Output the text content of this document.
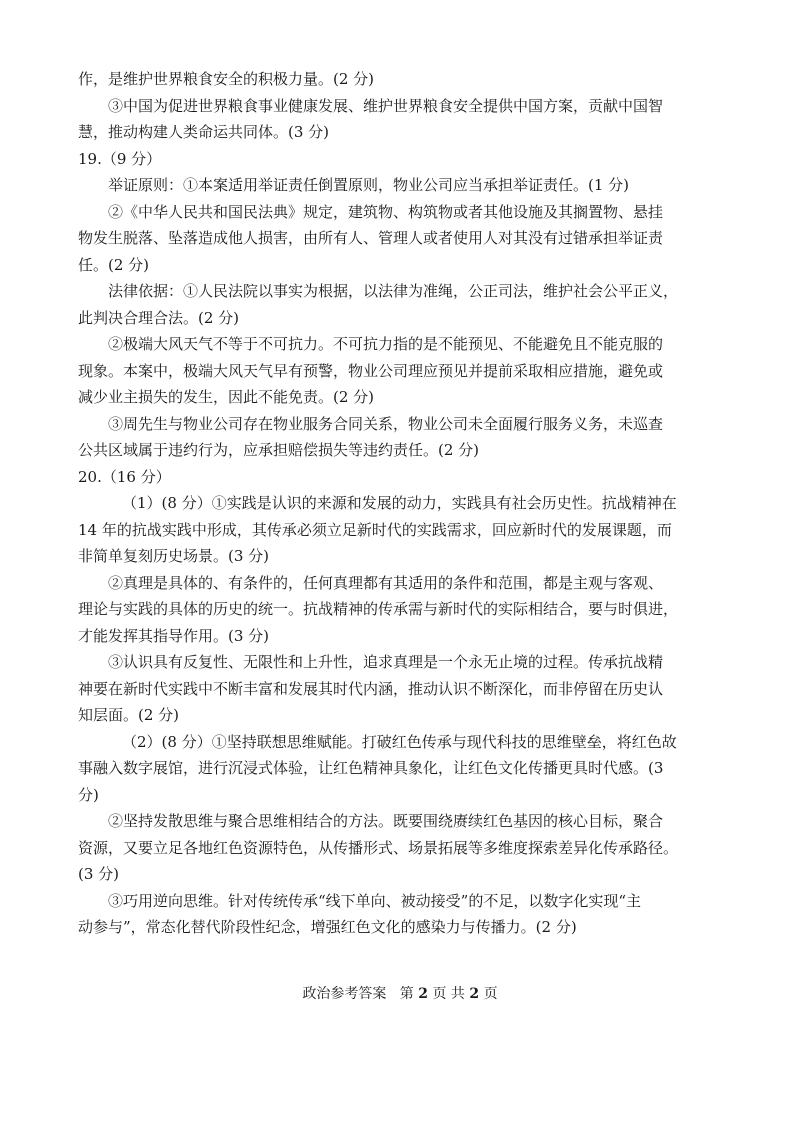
作，是维护世界粮食安全的积极力量。(2 分)
③中国为促进世界粮食事业健康发展、维护世界粮食安全提供中国方案，贡献中国智
慧，推动构建人类命运共同体。(3 分)
19.（9 分）
举证原则：①本案适用举证责任倒置原则，物业公司应当承担举证责任。(1 分)
②《中华人民共和国民法典》规定，建筑物、构筑物或者其他设施及其搁置物、悬挂
物发生脱落、坠落造成他人损害，由所有人、管理人或者使用人对其没有过错承担举证责
任。(2 分)
法律依据：①人民法院以事实为根据，以法律为准绳，公正司法，维护社会公平正义，
此判决合理合法。(2 分)
②极端大风天气不等于不可抗力。不可抗力指的是不能预见、不能避免且不能克服的
现象。本案中，极端大风天气早有预警，物业公司理应预见并提前采取相应措施，避免或
减少业主损失的发生，因此不能免责。(2 分)
③周先生与物业公司存在物业服务合同关系，物业公司未全面履行服务义务，未巡查
公共区域属于违约行为，应承担赔偿损失等违约责任。(2 分)
20.（16 分）
（1）(8 分）①实践是认识的来源和发展的动力，实践具有社会历史性。抗战精神在
14 年的抗战实践中形成，其传承必须立足新时代的实践需求，回应新时代的发展课题，而
非简单复刻历史场景。(3 分)
②真理是具体的、有条件的，任何真理都有其适用的条件和范围，都是主观与客观、
理论与实践的具体的历史的统一。抗战精神的传承需与新时代的实际相结合，要与时俱进，
才能发挥其指导作用。(3 分)
③认识具有反复性、无限性和上升性，追求真理是一个永无止境的过程。传承抗战精
神要在新时代实践中不断丰富和发展其时代内涵，推动认识不断深化，而非停留在历史认
知层面。(2 分)
（2）(8 分）①坚持联想思维赋能。打破红色传承与现代科技的思维壁垒，将红色故
事融入数字展馆，进行沉浸式体验，让红色精神具象化，让红色文化传播更具时代感。(3
分)
②坚持发散思维与聚合思维相结合的方法。既要围绕赓续红色基因的核心目标，聚合
资源，又要立足各地红色资源特色，从传播形式、场景拓展等多维度探索差异化传承路径。
(3 分)
③巧用逆向思维。针对传统传承“线下单向、被动接受”的不足，以数字化实现“主
动参与”，常态化替代阶段性纪念，增强红色文化的感染力与传播力。(2 分)
政治参考答案 第 2 页 共 2 页
